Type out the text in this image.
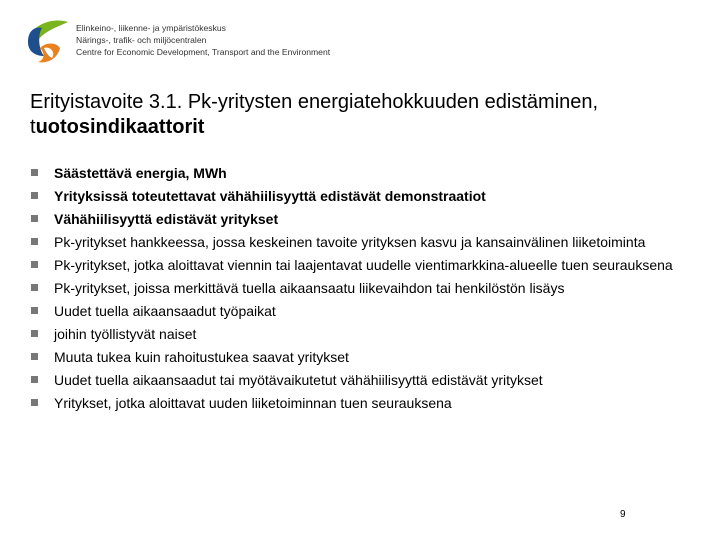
Elinkeino-, liikenne- ja ympäristökeskus
Närings-, trafik- och miljöcentralen
Centre for Economic Development, Transport and the Environment
Erityistavoite 3.1. Pk-yritysten energiatehokkuuden edistäminen, tuotosindikaattorit
Säästettävä energia, MWh
Yrityksissä toteutettavat vähähiilisyyttä edistävät demonstraatiot
Vähähiilisyyttä edistävät yritykset
Pk-yritykset hankkeessa, jossa keskeinen tavoite yrityksen kasvu ja kansainvälinen liiketoiminta
Pk-yritykset, jotka aloittavat viennin tai laajentavat uudelle vientimarkkina-alueelle tuen seurauksena
Pk-yritykset, joissa merkittävä tuella aikaansaatu liikevaihdon tai henkilöstön lisäys
Uudet tuella aikaansaadut työpaikat
joihin työllistyvät naiset
Muuta tukea kuin rahoitustukea saavat yritykset
Uudet tuella aikaansaadut tai myötävaikutetut vähähiilisyyttä edistävät yritykset
Yritykset, jotka aloittavat uuden liiketoiminnan tuen seurauksena
9
